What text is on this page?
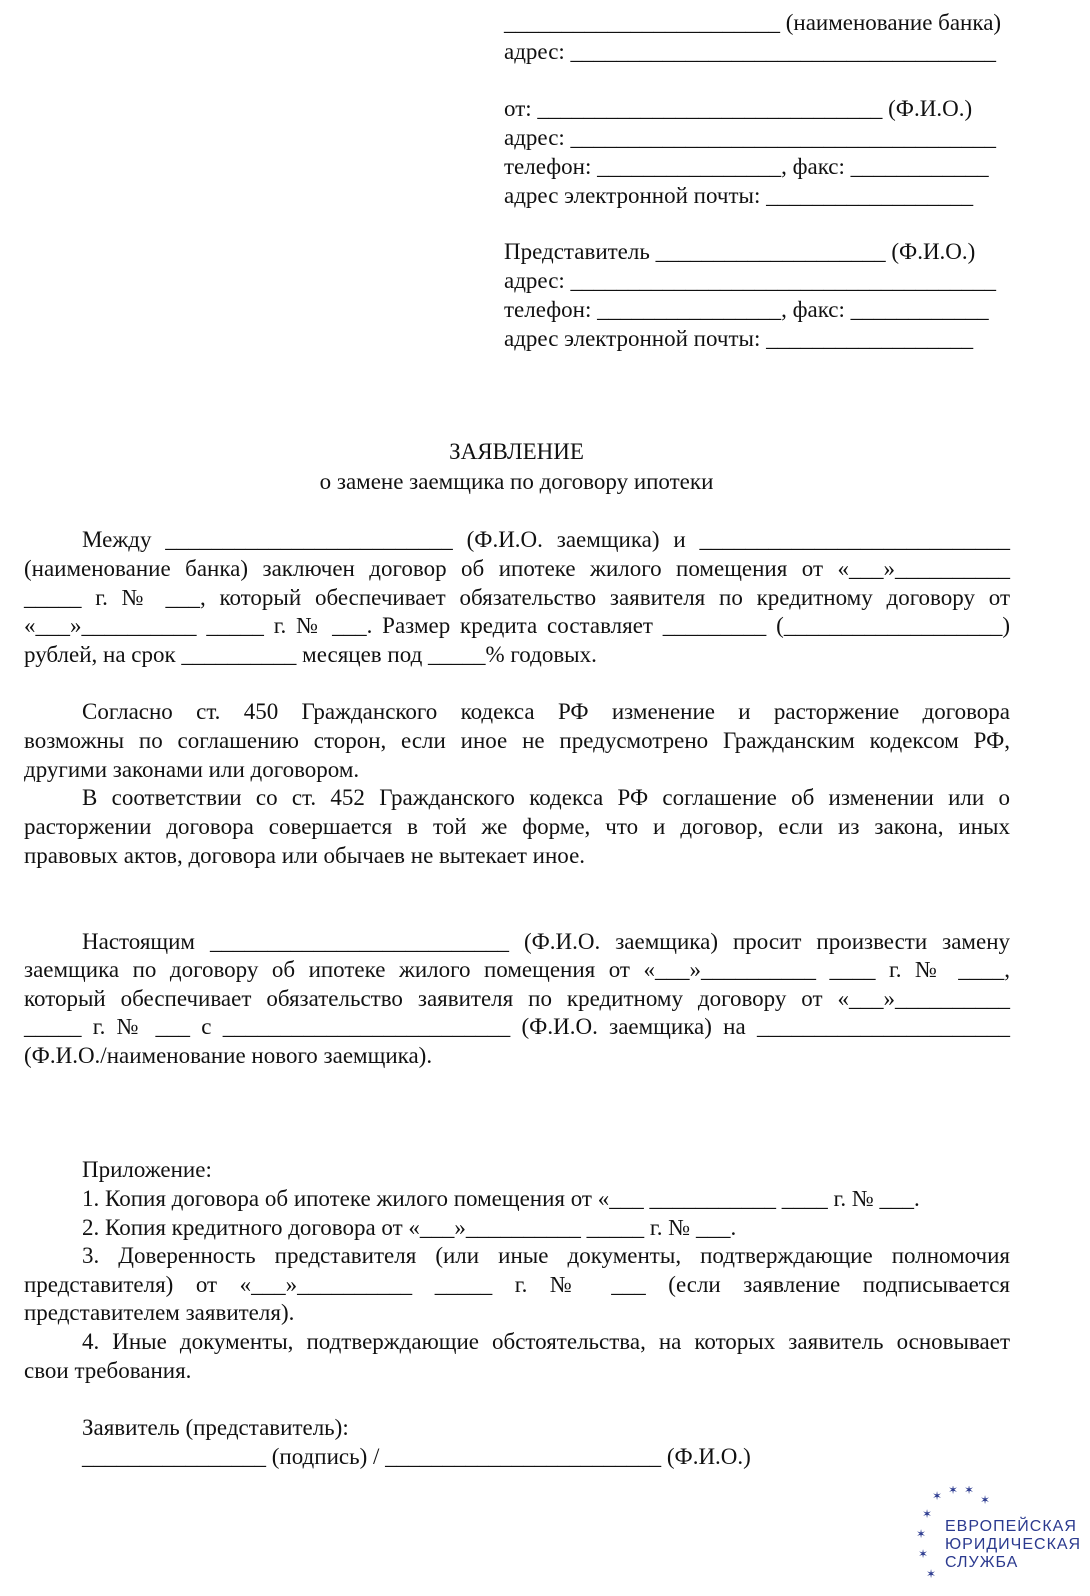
________________________ (наименование банка)
адрес: _____________________________________
от: ______________________________ (Ф.И.О.)
адрес: _____________________________________
телефон: ________________, факс: ____________
адрес электронной почты: __________________
Представитель ____________________ (Ф.И.О.)
адрес: _____________________________________
телефон: ________________, факс: ____________
адрес электронной почты: __________________
ЗАЯВЛЕНИЕ
о замене заемщика по договору ипотеки
Между _________________________ (Ф.И.О. заемщика) и ___________________________
(наименование банка) заключен договор об ипотеке жилого помещения от «___»__________
_____ г. № ___, который обеспечивает обязательство заявителя по кредитному договору от
«___»__________ _____ г. № ___. Размер кредита составляет _________ (___________________)
рублей, на срок __________ месяцев под _____% годовых.
Согласно ст. 450 Гражданского кодекса РФ изменение и расторжение договора
возможны по соглашению сторон, если иное не предусмотрено Гражданским кодексом РФ,
другими законами или договором.
В соответствии со ст. 452 Гражданского кодекса РФ соглашение об изменении или о
расторжении договора совершается в той же форме, что и договор, если из закона, иных
правовых актов, договора или обычаев не вытекает иное.
Настоящим __________________________ (Ф.И.О. заемщика) просит произвести замену
заемщика по договору об ипотеке жилого помещения от «___»__________ ____ г. № ____,
который обеспечивает обязательство заявителя по кредитному договору от «___»__________
_____ г. № ___ с _________________________ (Ф.И.О. заемщика) на ______________________
(Ф.И.О./наименование нового заемщика).
Приложение:
1. Копия договора об ипотеке жилого помещения от «___ ___________ ____ г. № ___.
2. Копия кредитного договора от «___»__________ _____ г. № ___.
3. Доверенность представителя (или иные документы, подтверждающие полномочия
представителя) от «___»__________ _____ г. № ___ (если заявление подписывается
представителем заявителя).
4. Иные документы, подтверждающие обстоятельства, на которых заявитель основывает
свои требования.
Заявитель (представитель):
________________ (подпись) / ________________________ (Ф.И.О.)
✶ ✶ ✶
✶
✶
✶
✶
✶
ЕВРОПЕЙСКАЯ
ЮРИДИЧЕСКАЯ
СЛУЖБА
